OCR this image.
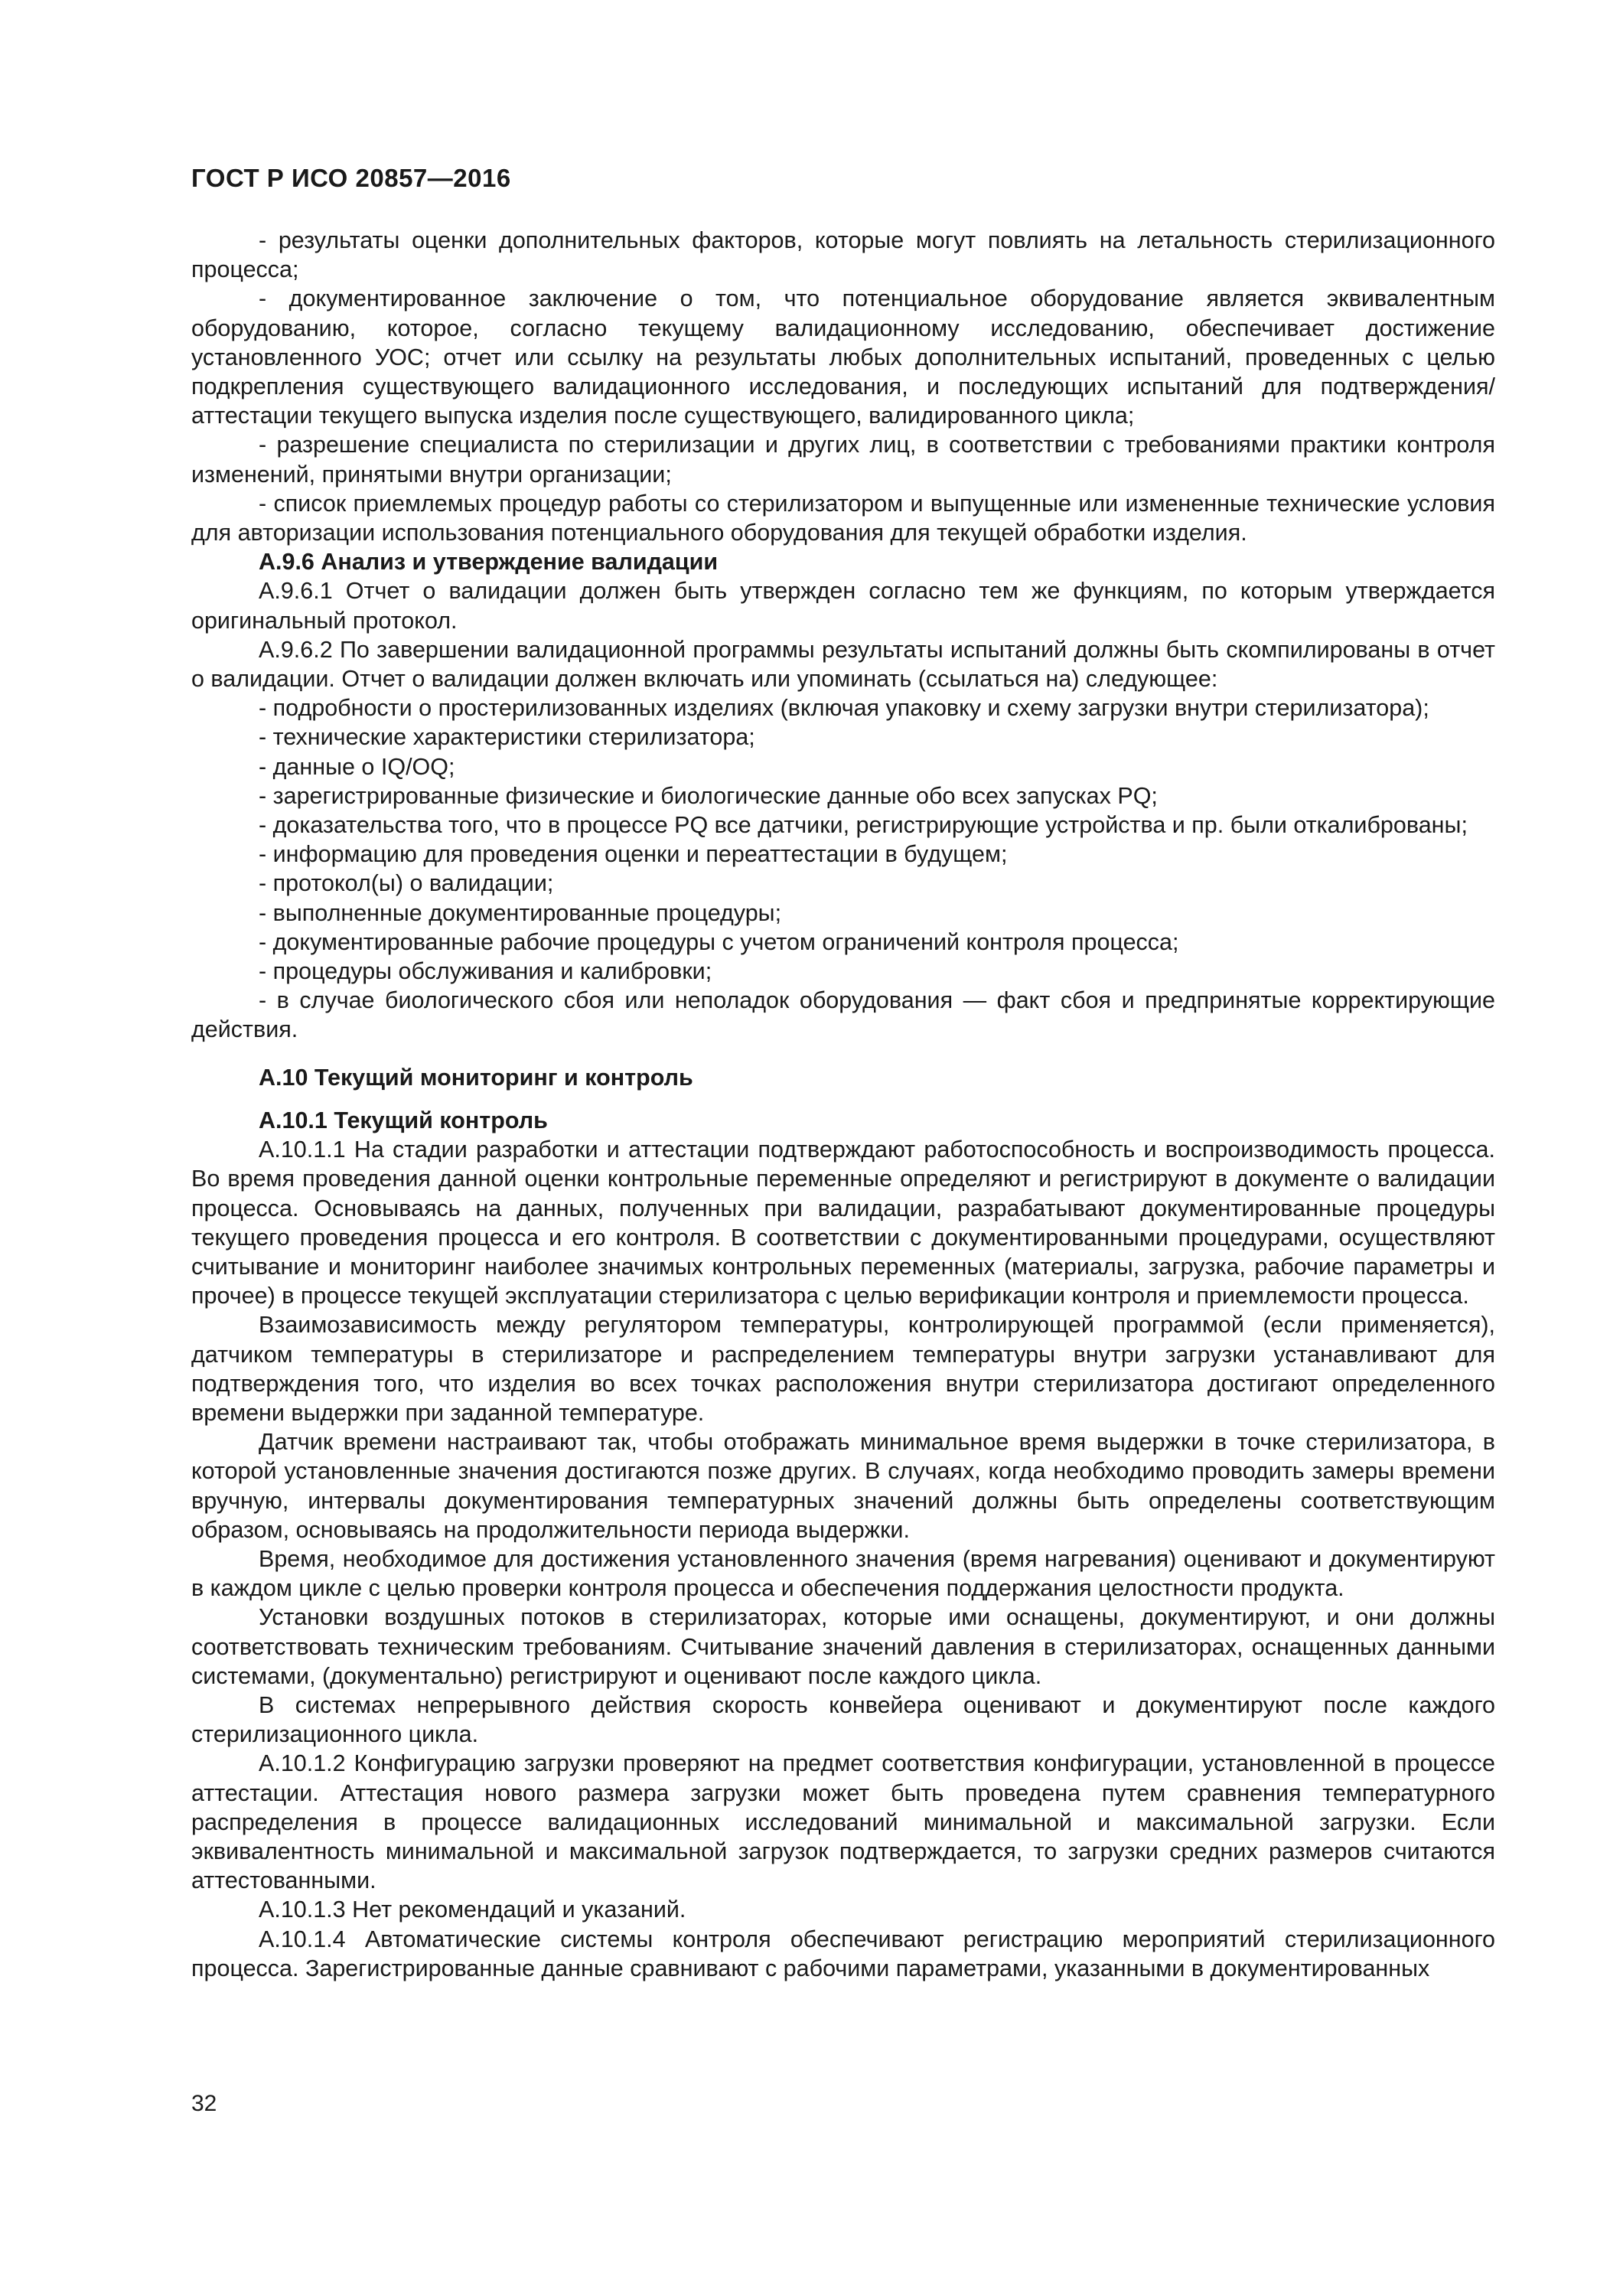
ГОСТ Р ИСО 20857—2016

- результаты оценки дополнительных факторов, которые могут повлиять на летальность стерилизационного процесса;

- документированное заключение о том, что потенциальное оборудование является эквивалентным оборудованию, которое, согласно текущему валидационному исследованию, обеспечивает достижение установленного УОС; отчет или ссылку на результаты любых дополнительных испытаний, проведенных с целью подкрепления существующего валидационного исследования, и последующих испытаний для подтверждения/аттестации текущего выпуска изделия после существующего, валидированного цикла;

- разрешение специалиста по стерилизации и других лиц, в соответствии с требованиями практики контроля изменений, принятыми внутри организации;

- список приемлемых процедур работы со стерилизатором и выпущенные или измененные технические условия для авторизации использования потенциального оборудования для текущей обработки изделия.

А.9.6 Анализ и утверждение валидации

А.9.6.1 Отчет о валидации должен быть утвержден согласно тем же функциям, по которым утверждается оригинальный протокол.

А.9.6.2 По завершении валидационной программы результаты испытаний должны быть скомпилированы в отчет о валидации. Отчет о валидации должен включать или упоминать (ссылаться на) следующее:

- подробности о простерилизованных изделиях (включая упаковку и схему загрузки внутри стерилизатора);

- технические характеристики стерилизатора;

- данные о IQ/OQ;

- зарегистрированные физические и биологические данные обо всех запусках PQ;

- доказательства того, что в процессе PQ все датчики, регистрирующие устройства и пр. были откалиброваны;

- информацию для проведения оценки и переаттестации в будущем;

- протокол(ы) о валидации;

- выполненные документированные процедуры;

- документированные рабочие процедуры с учетом ограничений контроля процесса;

- процедуры обслуживания и калибровки;

- в случае биологического сбоя или неполадок оборудования — факт сбоя и предпринятые корректирующие действия.

А.10 Текущий мониторинг и контроль

А.10.1 Текущий контроль

А.10.1.1 На стадии разработки и аттестации подтверждают работоспособность и воспроизводимость процесса. Во время проведения данной оценки контрольные переменные определяют и регистрируют в документе о валидации процесса. Основываясь на данных, полученных при валидации, разрабатывают документированные процедуры текущего проведения процесса и его контроля. В соответствии с документированными процедурами, осуществляют считывание и мониторинг наиболее значимых контрольных переменных (материалы, загрузка, рабочие параметры и прочее) в процессе текущей эксплуатации стерилизатора с целью верификации контроля и приемлемости процесса.

Взаимозависимость между регулятором температуры, контролирующей программой (если применяется), датчиком температуры в стерилизаторе и распределением температуры внутри загрузки устанавливают для подтверждения того, что изделия во всех точках расположения внутри стерилизатора достигают определенного времени выдержки при заданной температуре.

Датчик времени настраивают так, чтобы отображать минимальное время выдержки в точке стерилизатора, в которой установленные значения достигаются позже других. В случаях, когда необходимо проводить замеры времени вручную, интервалы документирования температурных значений должны быть определены соответствующим образом, основываясь на продолжительности периода выдержки.

Время, необходимое для достижения установленного значения (время нагревания) оценивают и документируют в каждом цикле с целью проверки контроля процесса и обеспечения поддержания целостности продукта.

Установки воздушных потоков в стерилизаторах, которые ими оснащены, документируют, и они должны соответствовать техническим требованиям. Считывание значений давления в стерилизаторах, оснащенных данными системами, (документально) регистрируют и оценивают после каждого цикла.

В системах непрерывного действия скорость конвейера оценивают и документируют после каждого стерилизационного цикла.

А.10.1.2 Конфигурацию загрузки проверяют на предмет соответствия конфигурации, установленной в процессе аттестации. Аттестация нового размера загрузки может быть проведена путем сравнения температурного распределения в процессе валидационных исследований минимальной и максимальной загрузки. Если эквивалентность минимальной и максимальной загрузок подтверждается, то загрузки средних размеров считаются аттестованными.

А.10.1.3 Нет рекомендаций и указаний.

А.10.1.4 Автоматические системы контроля обеспечивают регистрацию мероприятий стерилизационного процесса. Зарегистрированные данные сравнивают с рабочими параметрами, указанными в документированных

32
